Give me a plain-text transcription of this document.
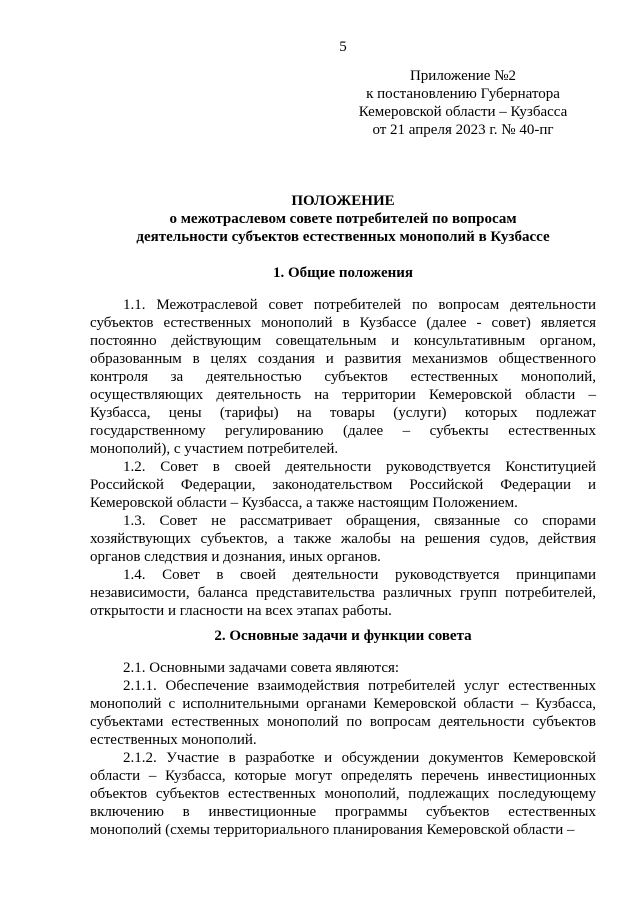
5
Приложение №2
к постановлению Губернатора
Кемеровской области – Кузбасса
от 21 апреля 2023 г. № 40-пг
ПОЛОЖЕНИЕ
о межотраслевом совете потребителей по вопросам
деятельности субъектов естественных монополий в Кузбассе
1. Общие положения

1.1. Межотраслевой совет потребителей по вопросам деятельности субъектов естественных монополий в Кузбассе (далее - совет) является постоянно действующим совещательным и консультативным органом, образованным в целях создания и развития механизмов общественного контроля за деятельностью субъектов естественных монополий, осуществляющих деятельность на территории Кемеровской области – Кузбасса, цены (тарифы) на товары (услуги) которых подлежат государственному регулированию (далее – субъекты естественных монополий), с участием потребителей.

1.2. Совет в своей деятельности руководствуется Конституцией Российской Федерации, законодательством Российской Федерации и Кемеровской области – Кузбасса, а также настоящим Положением.

1.3. Совет не рассматривает обращения, связанные со спорами хозяйствующих субъектов, а также жалобы на решения судов, действия органов следствия и дознания, иных органов.

1.4. Совет в своей деятельности руководствуется принципами независимости, баланса представительства различных групп потребителей, открытости и гласности на всех этапах работы.

2. Основные задачи и функции совета

2.1. Основными задачами совета являются:

2.1.1. Обеспечение взаимодействия потребителей услуг естественных монополий с исполнительными органами Кемеровской области – Кузбасса, субъектами естественных монополий по вопросам деятельности субъектов естественных монополий.

2.1.2. Участие в разработке и обсуждении документов Кемеровской области – Кузбасса, которые могут определять перечень инвестиционных объектов субъектов естественных монополий, подлежащих последующему включению в инвестиционные программы субъектов естественных монополий (схемы территориального планирования Кемеровской области –
